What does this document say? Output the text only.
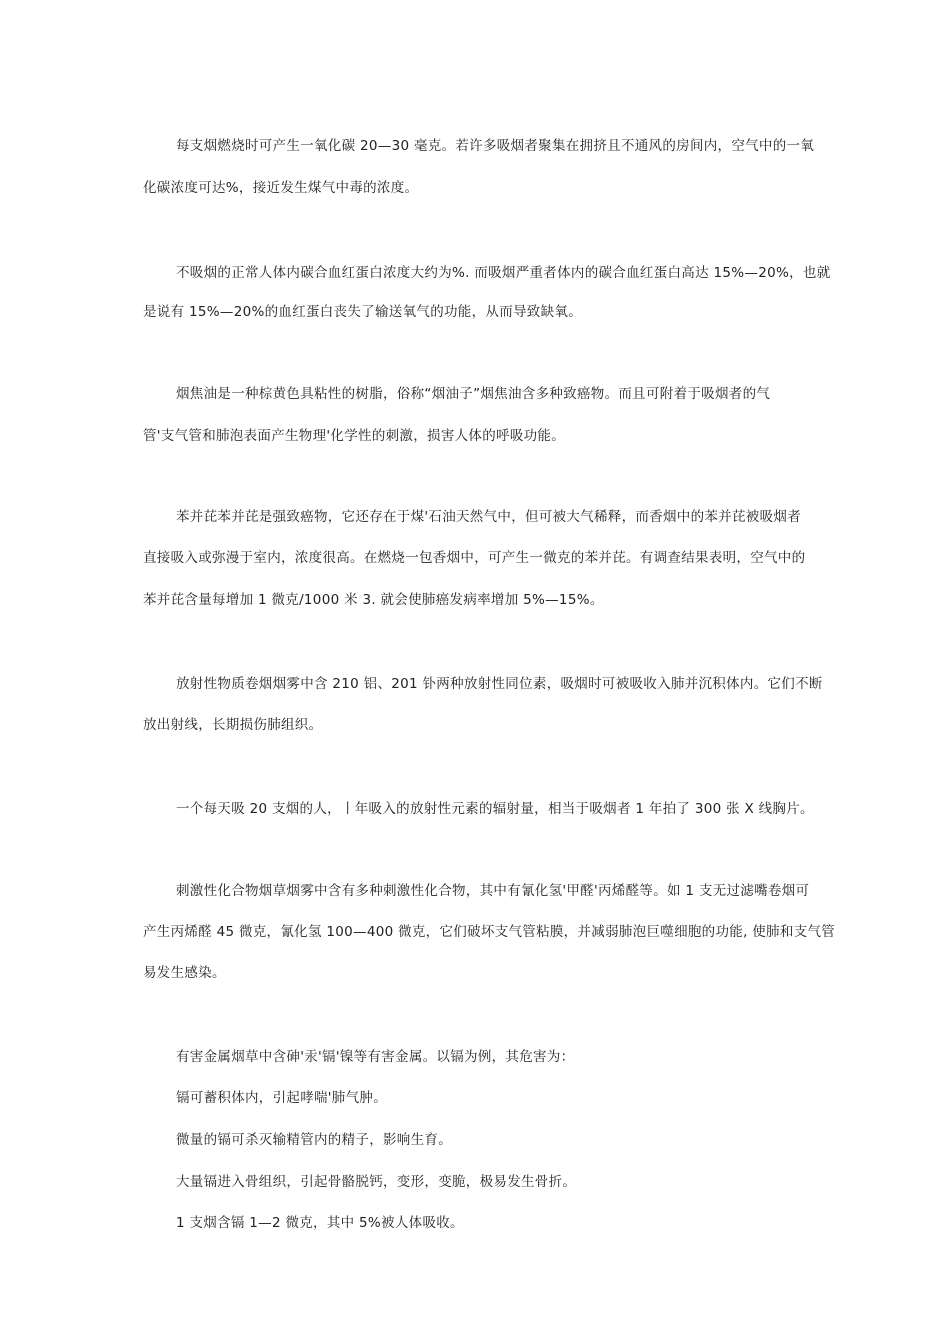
每支烟燃烧时可产生一氧化碳 20—30 毫克。若许多吸烟者聚集在拥挤且不通风的房间内，空气中的一氧
化碳浓度可达%，接近发生煤气中毒的浓度。
不吸烟的正常人体内碳合血红蛋白浓度大约为%. 而吸烟严重者体内的碳合血红蛋白高达 15%—20%，也就
是说有 15%—20%的血红蛋白丧失了输送氧气的功能，从而导致缺氧。
烟焦油是一种棕黄色具粘性的树脂，俗称“烟油子”烟焦油含多种致癌物。而且可附着于吸烟者的气
管'支气管和肺泡表面产生物理'化学性的刺激，损害人体的呼吸功能。
苯并芘苯并芘是强致癌物，它还存在于煤'石油天然气中，但可被大气稀释，而香烟中的苯并芘被吸烟者
直接吸入或弥漫于室内，浓度很高。在燃烧一包香烟中，可产生一微克的苯并芘。有调查结果表明，空气中的
苯并芘含量每增加 1 微克/1000 米 3. 就会使肺癌发病率增加 5%—15%。
放射性物质卷烟烟雾中含 210 铝、201 钋两种放射性同位素，吸烟时可被吸收入肺并沉积体内。它们不断
放出射线，长期损伤肺组织。
一个每天吸 20 支烟的人，丨年吸入的放射性元素的辐射量，相当于吸烟者 1 年拍了 300 张 X 线胸片。
刺激性化合物烟草烟雾中含有多种刺激性化合物，其中有氰化氢'甲醛'丙烯醛等。如 1 支无过滤嘴卷烟可
产生丙烯醛 45 微克，氰化氢 100—400 微克，它们破坏支气管粘膜，并减弱肺泡巨噬细胞的功能, 使肺和支气管
易发生感染。
有害金属烟草中含砷'汞'镉'镍等有害金属。以镉为例，其危害为：
镉可蓄积体内，引起哮喘'肺气肿。
微量的镉可杀灭输精管内的精子，影响生育。
大量镉进入骨组织，引起骨骼脱钙，变形，变脆，极易发生骨折。
1 支烟含镉 1—2 微克，其中 5%被人体吸收。
